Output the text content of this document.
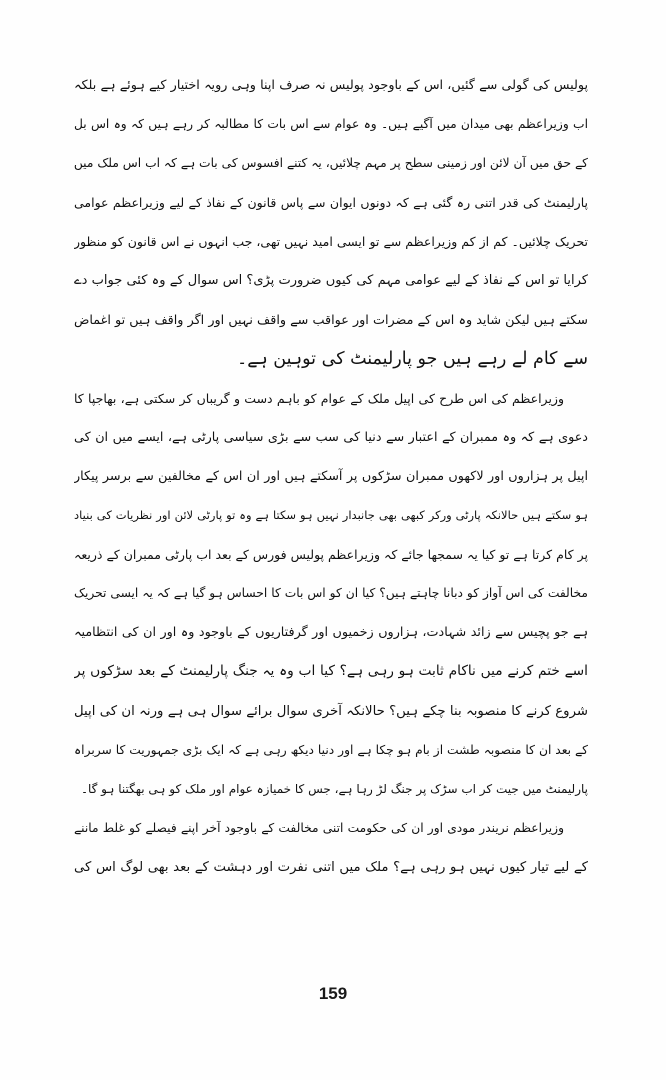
پولیس کی گولی سے گئیں، اس کے باوجود پولیس نہ صرف اپنا وہی رویہ اختیار کیے ہوئے ہے بلکہ
اب وزیراعظم بھی میدان میں آگیے ہیں۔ وہ عوام سے اس بات کا مطالبہ کر رہے ہیں کہ وہ اس بل
کے حق میں آن لائن اور زمینی سطح پر مہم چلائیں، یہ کتنے افسوس کی بات ہے کہ اب اس ملک میں
پارلیمنٹ کی قدر اتنی رہ گئی ہے کہ دونوں ایوان سے پاس قانون کے نفاذ کے لیے وزیراعظم عوامی
تحریک چلائیں۔ کم از کم وزیراعظم سے تو ایسی امید نہیں تھی، جب انہوں نے اس قانون کو منظور
کرایا تو اس کے نفاذ کے لیے عوامی مہم کی کیوں ضرورت پڑی؟ اس سوال کے وہ کئی جواب دے
سکتے ہیں لیکن شاید وہ اس کے مضرات اور عواقب سے واقف نہیں اور اگر واقف ہیں تو اغماض
سے کام لے رہے ہیں جو پارلیمنٹ کی توہین ہے۔
وزیراعظم کی اس طرح کی اپیل ملک کے عوام کو باہم دست و گریباں کر سکتی ہے، بھاجپا کا
دعوی ہے کہ وہ ممبران کے اعتبار سے دنیا کی سب سے بڑی سیاسی پارٹی ہے، ایسے میں ان کی
اپیل پر ہزاروں اور لاکھوں ممبران سڑکوں پر آسکتے ہیں اور ان اس کے مخالفین سے برسر پیکار
ہو سکتے ہیں حالانکہ پارٹی ورکر کبھی بھی جانبدار نہیں ہو سکتا ہے وہ تو پارٹی لائن اور نظریات کی بنیاد
پر کام کرتا ہے تو کیا یہ سمجھا جائے کہ وزیراعظم پولیس فورس کے بعد اب پارٹی ممبران کے ذریعہ
مخالفت کی اس آواز کو دبانا چاہتے ہیں؟ کیا ان کو اس بات کا احساس ہو گیا ہے کہ یہ ایسی تحریک
ہے جو پچیس سے زائد شہادت، ہزاروں زخمیوں اور گرفتاریوں کے باوجود وہ اور ان کی انتظامیہ
اسے ختم کرنے میں ناکام ثابت ہو رہی ہے؟ کیا اب وہ یہ جنگ پارلیمنٹ کے بعد سڑکوں پر
شروع کرنے کا منصوبہ بنا چکے ہیں؟ حالانکہ آخری سوال برائے سوال ہی ہے ورنہ ان کی اپیل
کے بعد ان کا منصوبہ طشت از بام ہو چکا ہے اور دنیا دیکھ رہی ہے کہ ایک بڑی جمہوریت کا سربراہ
پارلیمنٹ میں جیت کر اب سڑک پر جنگ لڑ رہا ہے، جس کا خمیازہ عوام اور ملک کو ہی بھگتنا ہو گا۔
وزیراعظم نریندر مودی اور ان کی حکومت اتنی مخالفت کے باوجود آخر اپنے فیصلے کو غلط ماننے
کے لیے تیار کیوں نہیں ہو رہی ہے؟ ملک میں اتنی نفرت اور دہشت کے بعد بھی لوگ اس کی
159
